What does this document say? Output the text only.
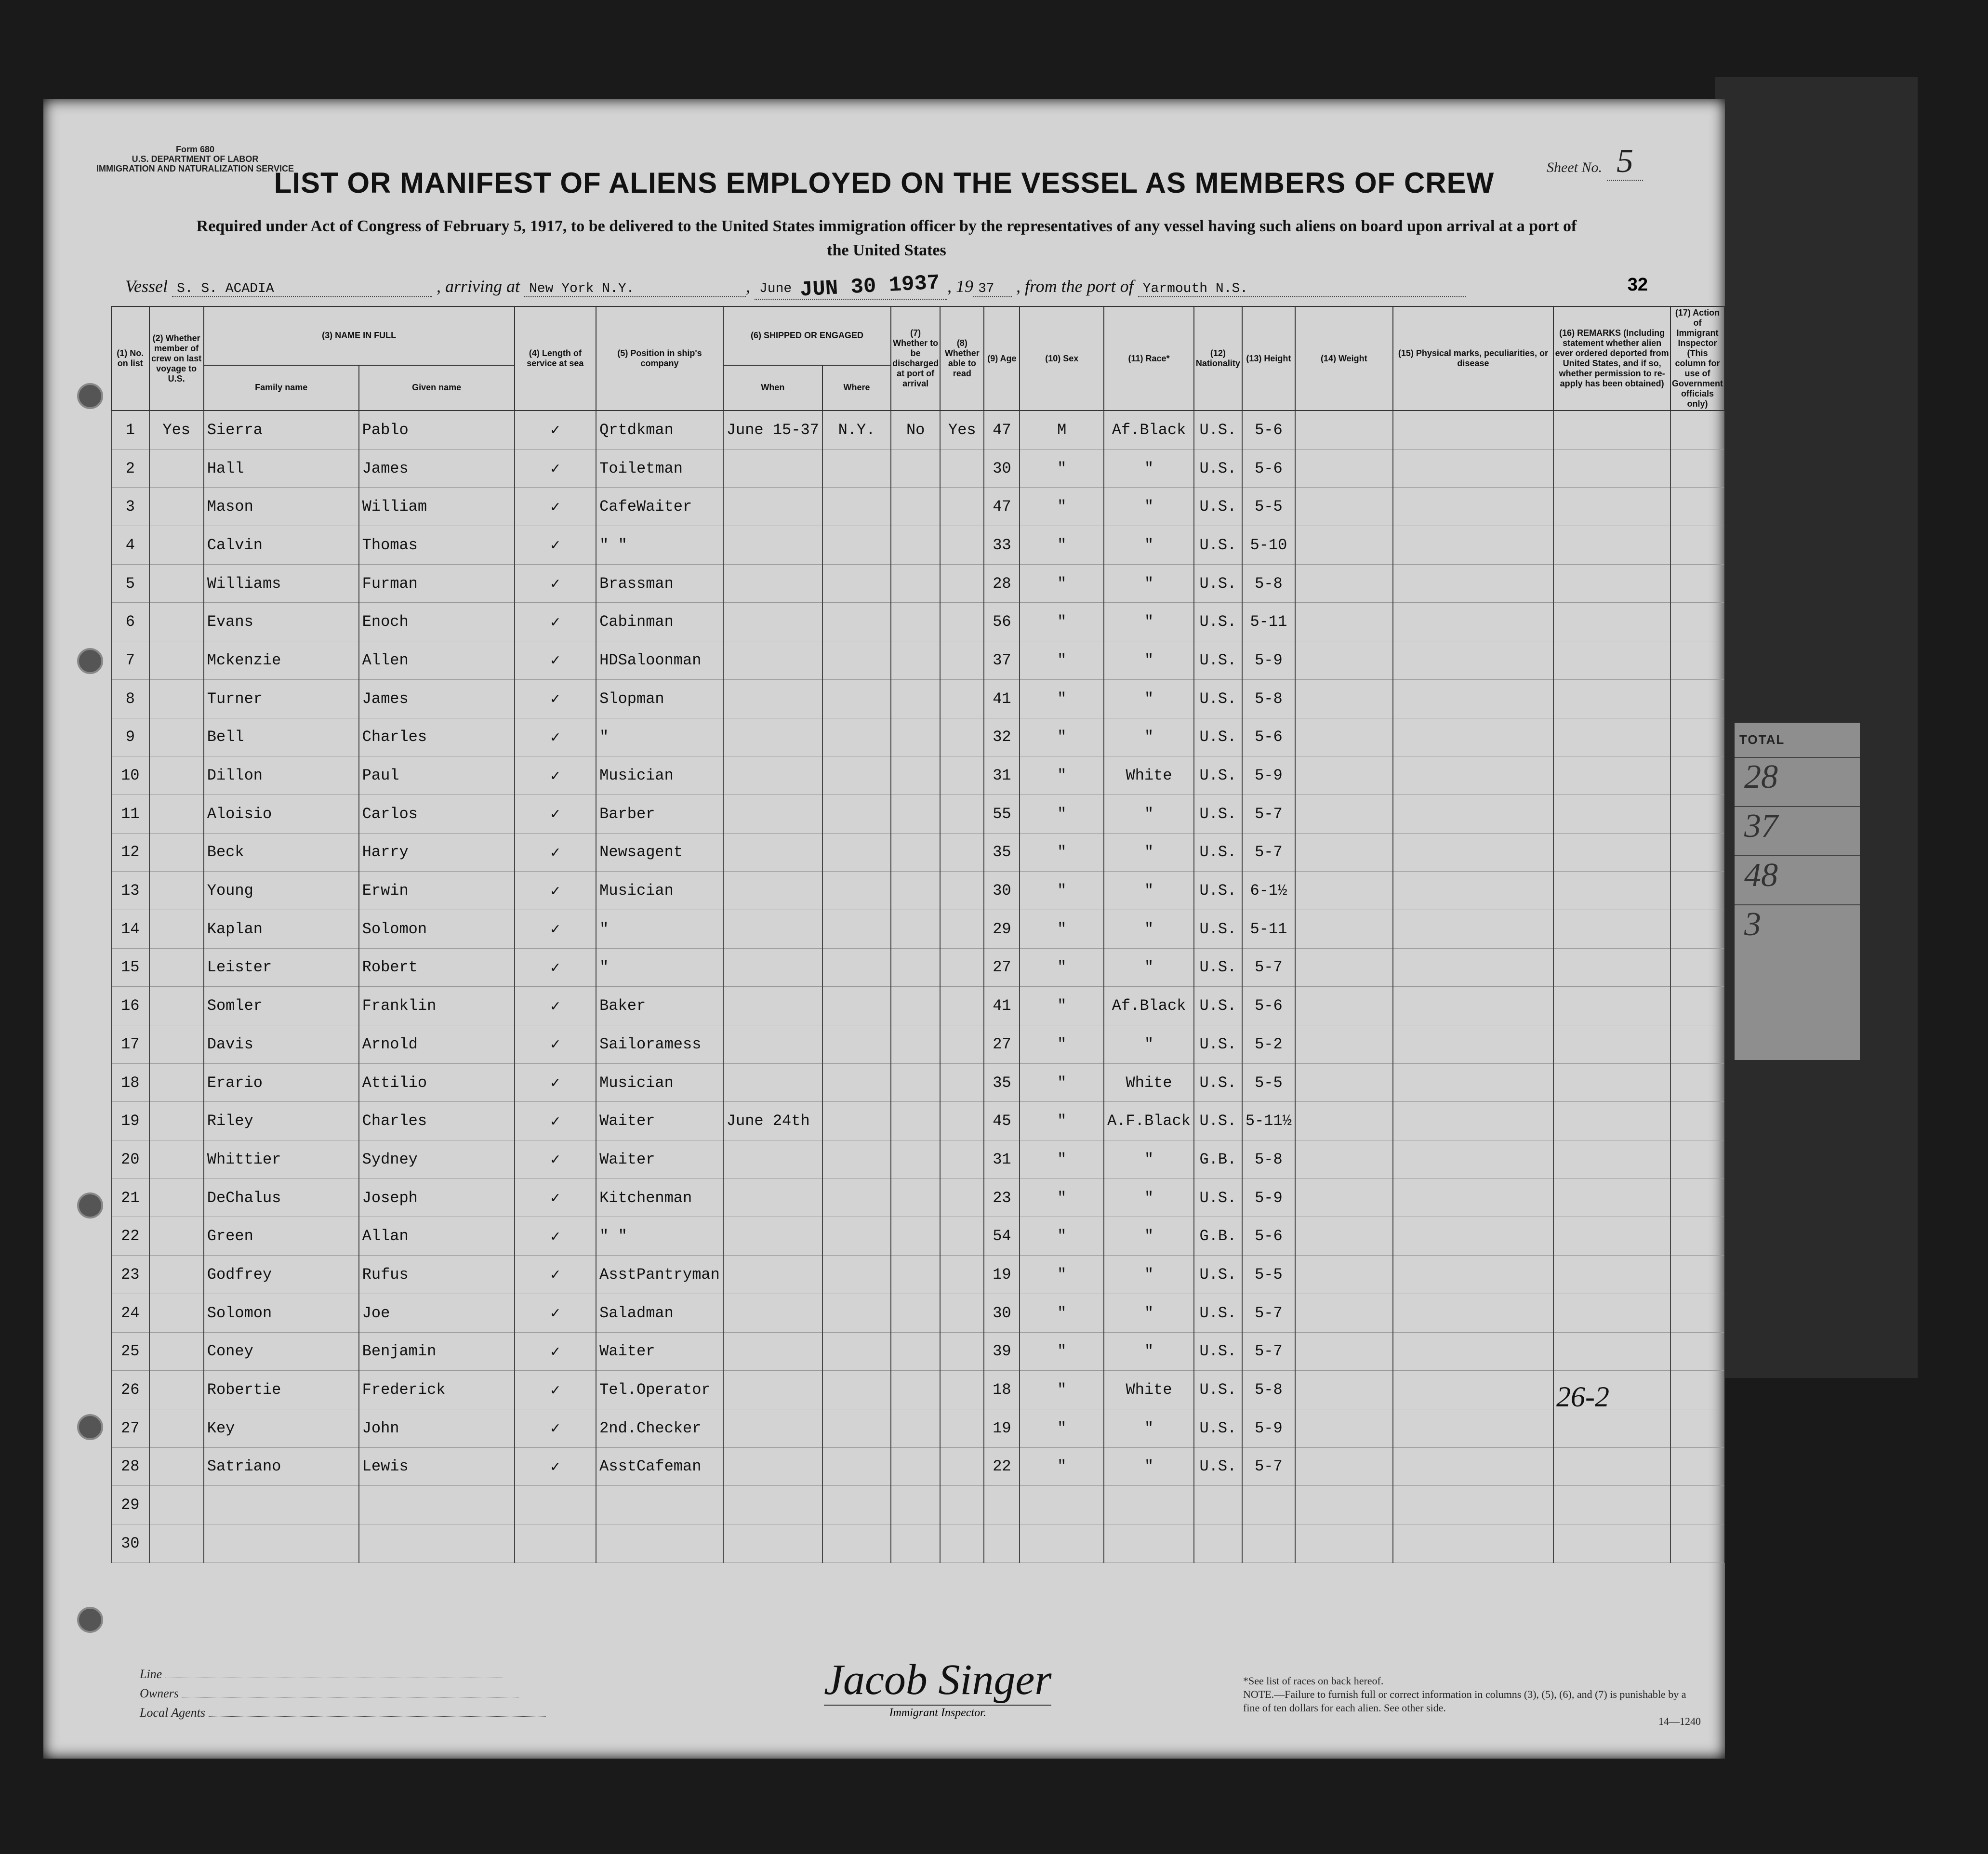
TOTAL
28
37
48
3
Form 680
U.S. DEPARTMENT OF LABOR
IMMIGRATION AND NATURALIZATION SERVICE	Sheet No. 5
LIST OR MANIFEST OF ALIENS EMPLOYED ON THE VESSEL AS MEMBERS OF CREW
Required under Act of Congress of February 5, 1917, to be delivered to the United States immigration officer by the representatives of any vessel having such aliens on board upon arrival at a port of the United States
Vessel S. S. ACADIA	, arriving at New York N.Y.	, June JUN 30 1937 , 19 37 , from the port of Yarmouth N.S.	32
(1) No. on list	(2) Whether member of crew on last voyage to U.S.	(3) NAME IN FULL		(4) Length of service at sea	(5) Position in ship's company	(6) SHIPPED OR ENGAGED		(7) Whether to be discharged at port of arrival	(8) Whether able to read	(9) Age	(10) Sex	(11) Race*	(12) Nationality	(13) Height	(14) Weight	(15) Physical marks, peculiarities, or disease	(16) REMARKS (Including statement whether alien ever ordered deported from United States, and if so, whether permission to re-apply has been obtained)	(17) Action of Immigrant Inspector (This column for use of Government officials only)
		Family name	Given name			When	Where											
1	Yes	Sierra	Pablo	✓	Qrtdkman	June 15-37	N.Y.	No	Yes	47	M	Af.Black	U.S.	5-6				
2		Hall	James	✓	Toiletman					30	"	"	U.S.	5-6				
3		Mason	William	✓	CafeWaiter					47	"	"	U.S.	5-5				
4		Calvin	Thomas	✓	" "					33	"	"	U.S.	5-10				
5		Williams	Furman	✓	Brassman					28	"	"	U.S.	5-8				
6		Evans	Enoch	✓	Cabinman					56	"	"	U.S.	5-11				
7		Mckenzie	Allen	✓	HDSaloonman					37	"	"	U.S.	5-9				
8		Turner	James	✓	Slopman					41	"	"	U.S.	5-8				
9		Bell	Charles	✓	"					32	"	"	U.S.	5-6				
10		Dillon	Paul	✓	Musician					31	"	White	U.S.	5-9				
11		Aloisio	Carlos	✓	Barber					55	"	"	U.S.	5-7				
12		Beck	Harry	✓	Newsagent					35	"	"	U.S.	5-7				
13		Young	Erwin	✓	Musician					30	"	"	U.S.	6-1½				
14		Kaplan	Solomon	✓	"					29	"	"	U.S.	5-11				
15		Leister	Robert	✓	"					27	"	"	U.S.	5-7				
16		Somler	Franklin	✓	Baker					41	"	Af.Black	U.S.	5-6				
17		Davis	Arnold	✓	Sailoramess					27	"	"	U.S.	5-2				
18		Erario	Attilio	✓	Musician					35	"	White	U.S.	5-5				
19		Riley	Charles	✓	Waiter	June 24th				45	"	A.F.Black	U.S.	5-11½				
20		Whittier	Sydney	✓	Waiter					31	"	"	G.B.	5-8				
21		DeChalus	Joseph	✓	Kitchenman					23	"	"	U.S.	5-9				
22		Green	Allan	✓	" "					54	"	"	G.B.	5-6				
23		Godfrey	Rufus	✓	AsstPantryman					19	"	"	U.S.	5-5				
24		Solomon	Joe	✓	Saladman					30	"	"	U.S.	5-7				
25		Coney	Benjamin	✓	Waiter					39	"	"	U.S.	5-7				
26		Robertie	Frederick	✓	Tel.Operator					18	"	White	U.S.	5-8				
27		Key	John	✓	2nd.Checker					19	"	"	U.S.	5-9				
28		Satriano	Lewis	✓	AsstCafeman					22	"	"	U.S.	5-7				
29																		
30																		
Line
Owners
Local Agents
Jacob Singer
Immigrant Inspector.
*See list of races on back hereof.
NOTE.—Failure to furnish full or correct information in columns (3), (5), (6), and (7) is punishable by a fine of ten dollars for each alien. See other side.
14—1240
26-2
